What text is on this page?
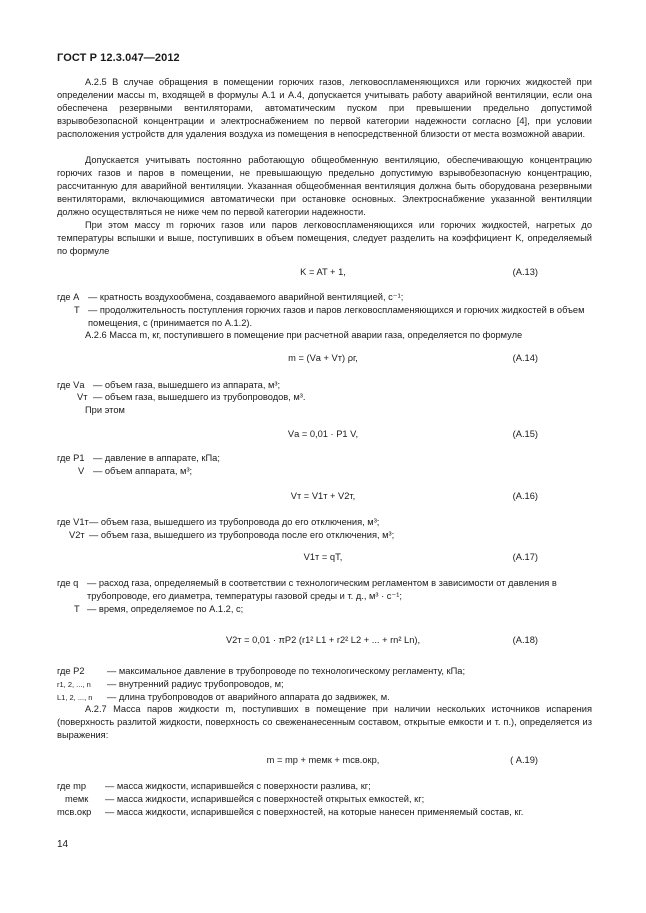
ГОСТ Р 12.3.047—2012
А.2.5 В случае обращения в помещении горючих газов, легковоспламеняющихся или горючих жидкостей при определении массы m, входящей в формулы А.1 и А.4, допускается учитывать работу аварийной вентиляции, если она обеспечена резервными вентиляторами, автоматическим пуском при превышении предельно допустимой взрывобезопасной концентрации и электроснабжением по первой категории надежности согласно [4], при условии расположения устройств для удаления воздуха из помещения в непосредственной близости от места возможной аварии.
Допускается учитывать постоянно работающую общеобменную вентиляцию, обеспечивающую концентрацию горючих газов и паров в помещении, не превышающую предельно допустимую взрывобезопасную концентрацию, рассчитанную для аварийной вентиляции. Указанная общеобменная вентиляция должна быть оборудована резервными вентиляторами, включающимися автоматически при остановке основных. Электроснабжение указанной вентиляции должно осуществляться не ниже чем по первой категории надежности.
При этом массу m горючих газов или паров легковоспламеняющихся или горючих жидкостей, нагретых до температуры вспышки и выше, поступивших в объем помещения, следует разделить на коэффициент K, определяемый по формуле
K = AT + 1,	(А.13)
где A — кратность воздухообмена, создаваемого аварийной вентиляцией, с⁻¹;
T — продолжительность поступления горючих газов и паров легковоспламеняющихся и горючих жидкостей в объем помещения, с (принимается по А.1.2).
А.2.6 Масса m, кг, поступившего в помещение при расчетной аварии газа, определяется по формуле
m = (Vа + Vт) ρг,	(А.14)
где Vа — объем газа, вышедшего из аппарата, м³;
Vт — объем газа, вышедшего из трубопроводов, м³.
При этом
Vа = 0,01 · P1 V,	(А.15)
где P1 — давление в аппарате, кПа;
V — объем аппарата, м³;
Vт = V1т + V2т,	(А.16)
где V1т — объем газа, вышедшего из трубопровода до его отключения, м³;
V2т — объем газа, вышедшего из трубопровода после его отключения, м³;
V1т = qT,	(А.17)
где q — расход газа, определяемый в соответствии с технологическим регламентом в зависимости от давления в трубопроводе, его диаметра, температуры газовой среды и т. д., м³ · с⁻¹;
T — время, определяемое по А.1.2, с;
V2т = 0,01 · πP2 (r1² L1 + r2² L2 + ... + rn² Ln),	(А.18)
где P2 — максимальное давление в трубопроводе по технологическому регламенту, кПа;
r1, 2, ..., n — внутренний радиус трубопроводов, м;
L1, 2, ..., n — длина трубопроводов от аварийного аппарата до задвижек, м.
А.2.7 Масса паров жидкости m, поступивших в помещение при наличии нескольких источников испарения (поверхность разлитой жидкости, поверхность со свеженанесенным составом, открытые емкости и т. п.), определяется из выражения:
m = mр + mемк + mсв.окр,	( А.19)
где mр — масса жидкости, испарившейся с поверхности разлива, кг;
mемк — масса жидкости, испарившейся с поверхностей открытых емкостей, кг;
mсв.окр — масса жидкости, испарившейся с поверхностей, на которые нанесен применяемый состав, кг.
14
